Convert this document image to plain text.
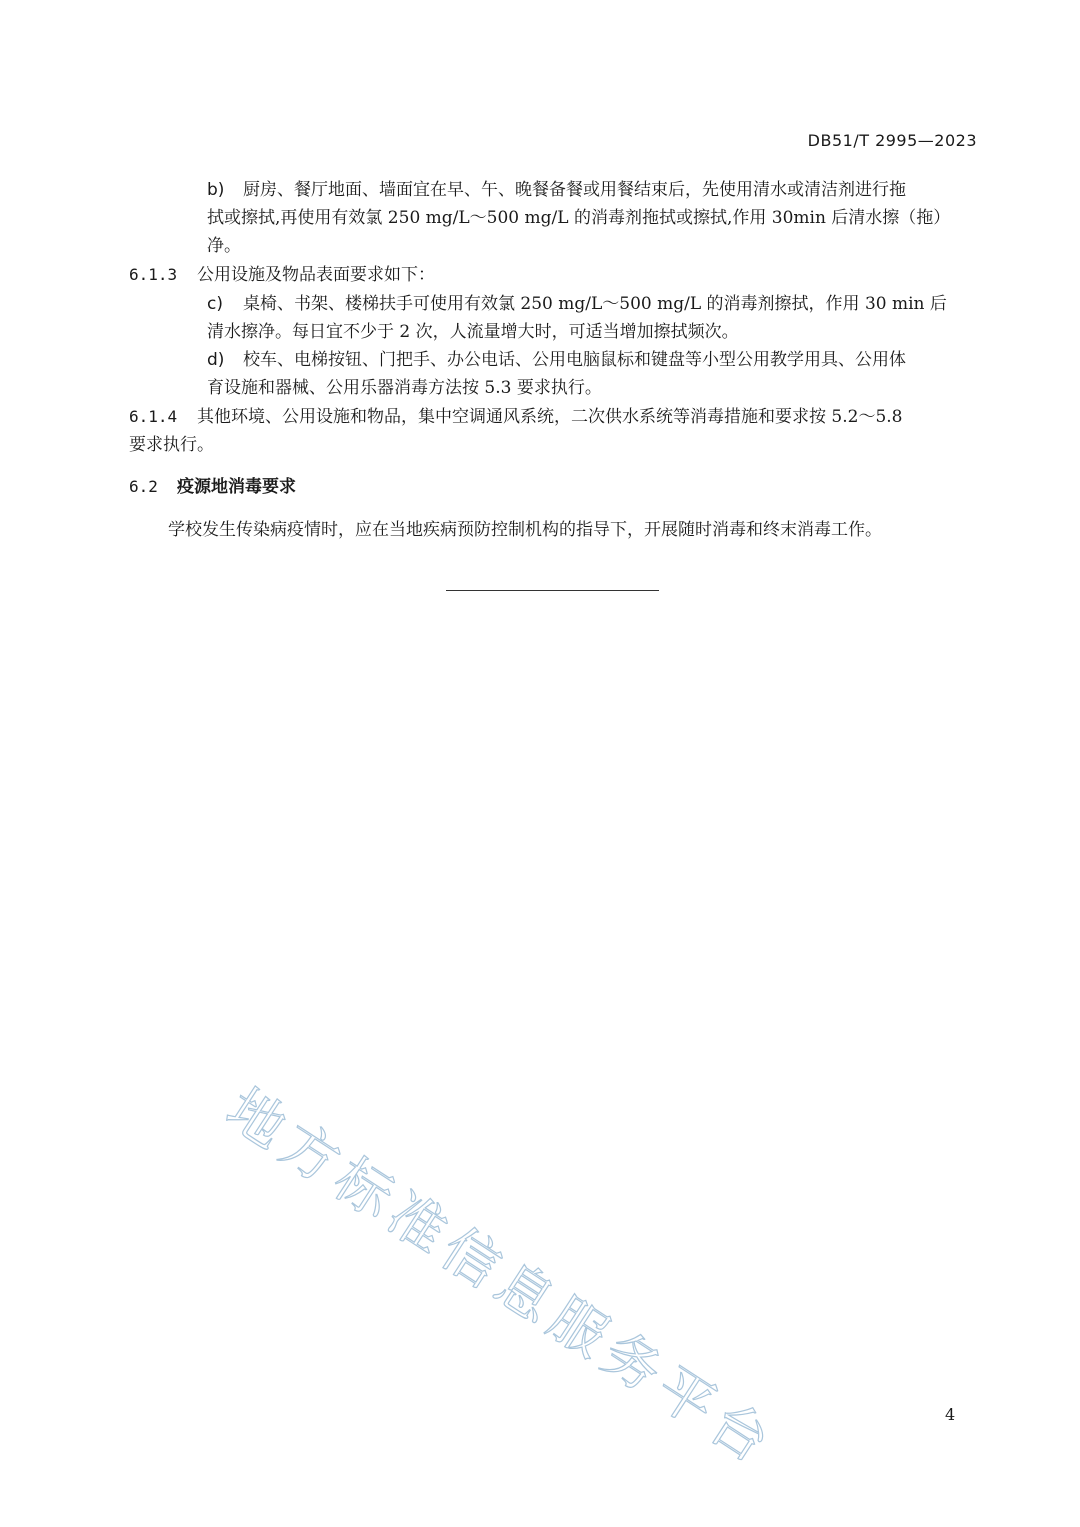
DB51/T 2995—2023
b) 厨房、餐厅地面、墙面宜在早、午、晚餐备餐或用餐结束后，先使用清水或清洁剂进行拖
拭或擦拭,再使用有效氯 250 mg/L～500 mg/L 的消毒剂拖拭或擦拭,作用 30min 后清水擦（拖）
净。
6.1.3 公用设施及物品表面要求如下：
c) 桌椅、书架、楼梯扶手可使用有效氯 250 mg/L～500 mg/L 的消毒剂擦拭，作用 30 min 后
清水擦净。每日宜不少于 2 次，人流量增大时，可适当增加擦拭频次。
d) 校车、电梯按钮、门把手、办公电话、公用电脑鼠标和键盘等小型公用教学用具、公用体
育设施和器械、公用乐器消毒方法按 5.3 要求执行。
6.1.4 其他环境、公用设施和物品，集中空调通风系统，二次供水系统等消毒措施和要求按 5.2～5.8
要求执行。
6.2 疫源地消毒要求
学校发生传染病疫情时，应在当地疾病预防控制机构的指导下，开展随时消毒和终末消毒工作。
地方标准信息服务平台	4
